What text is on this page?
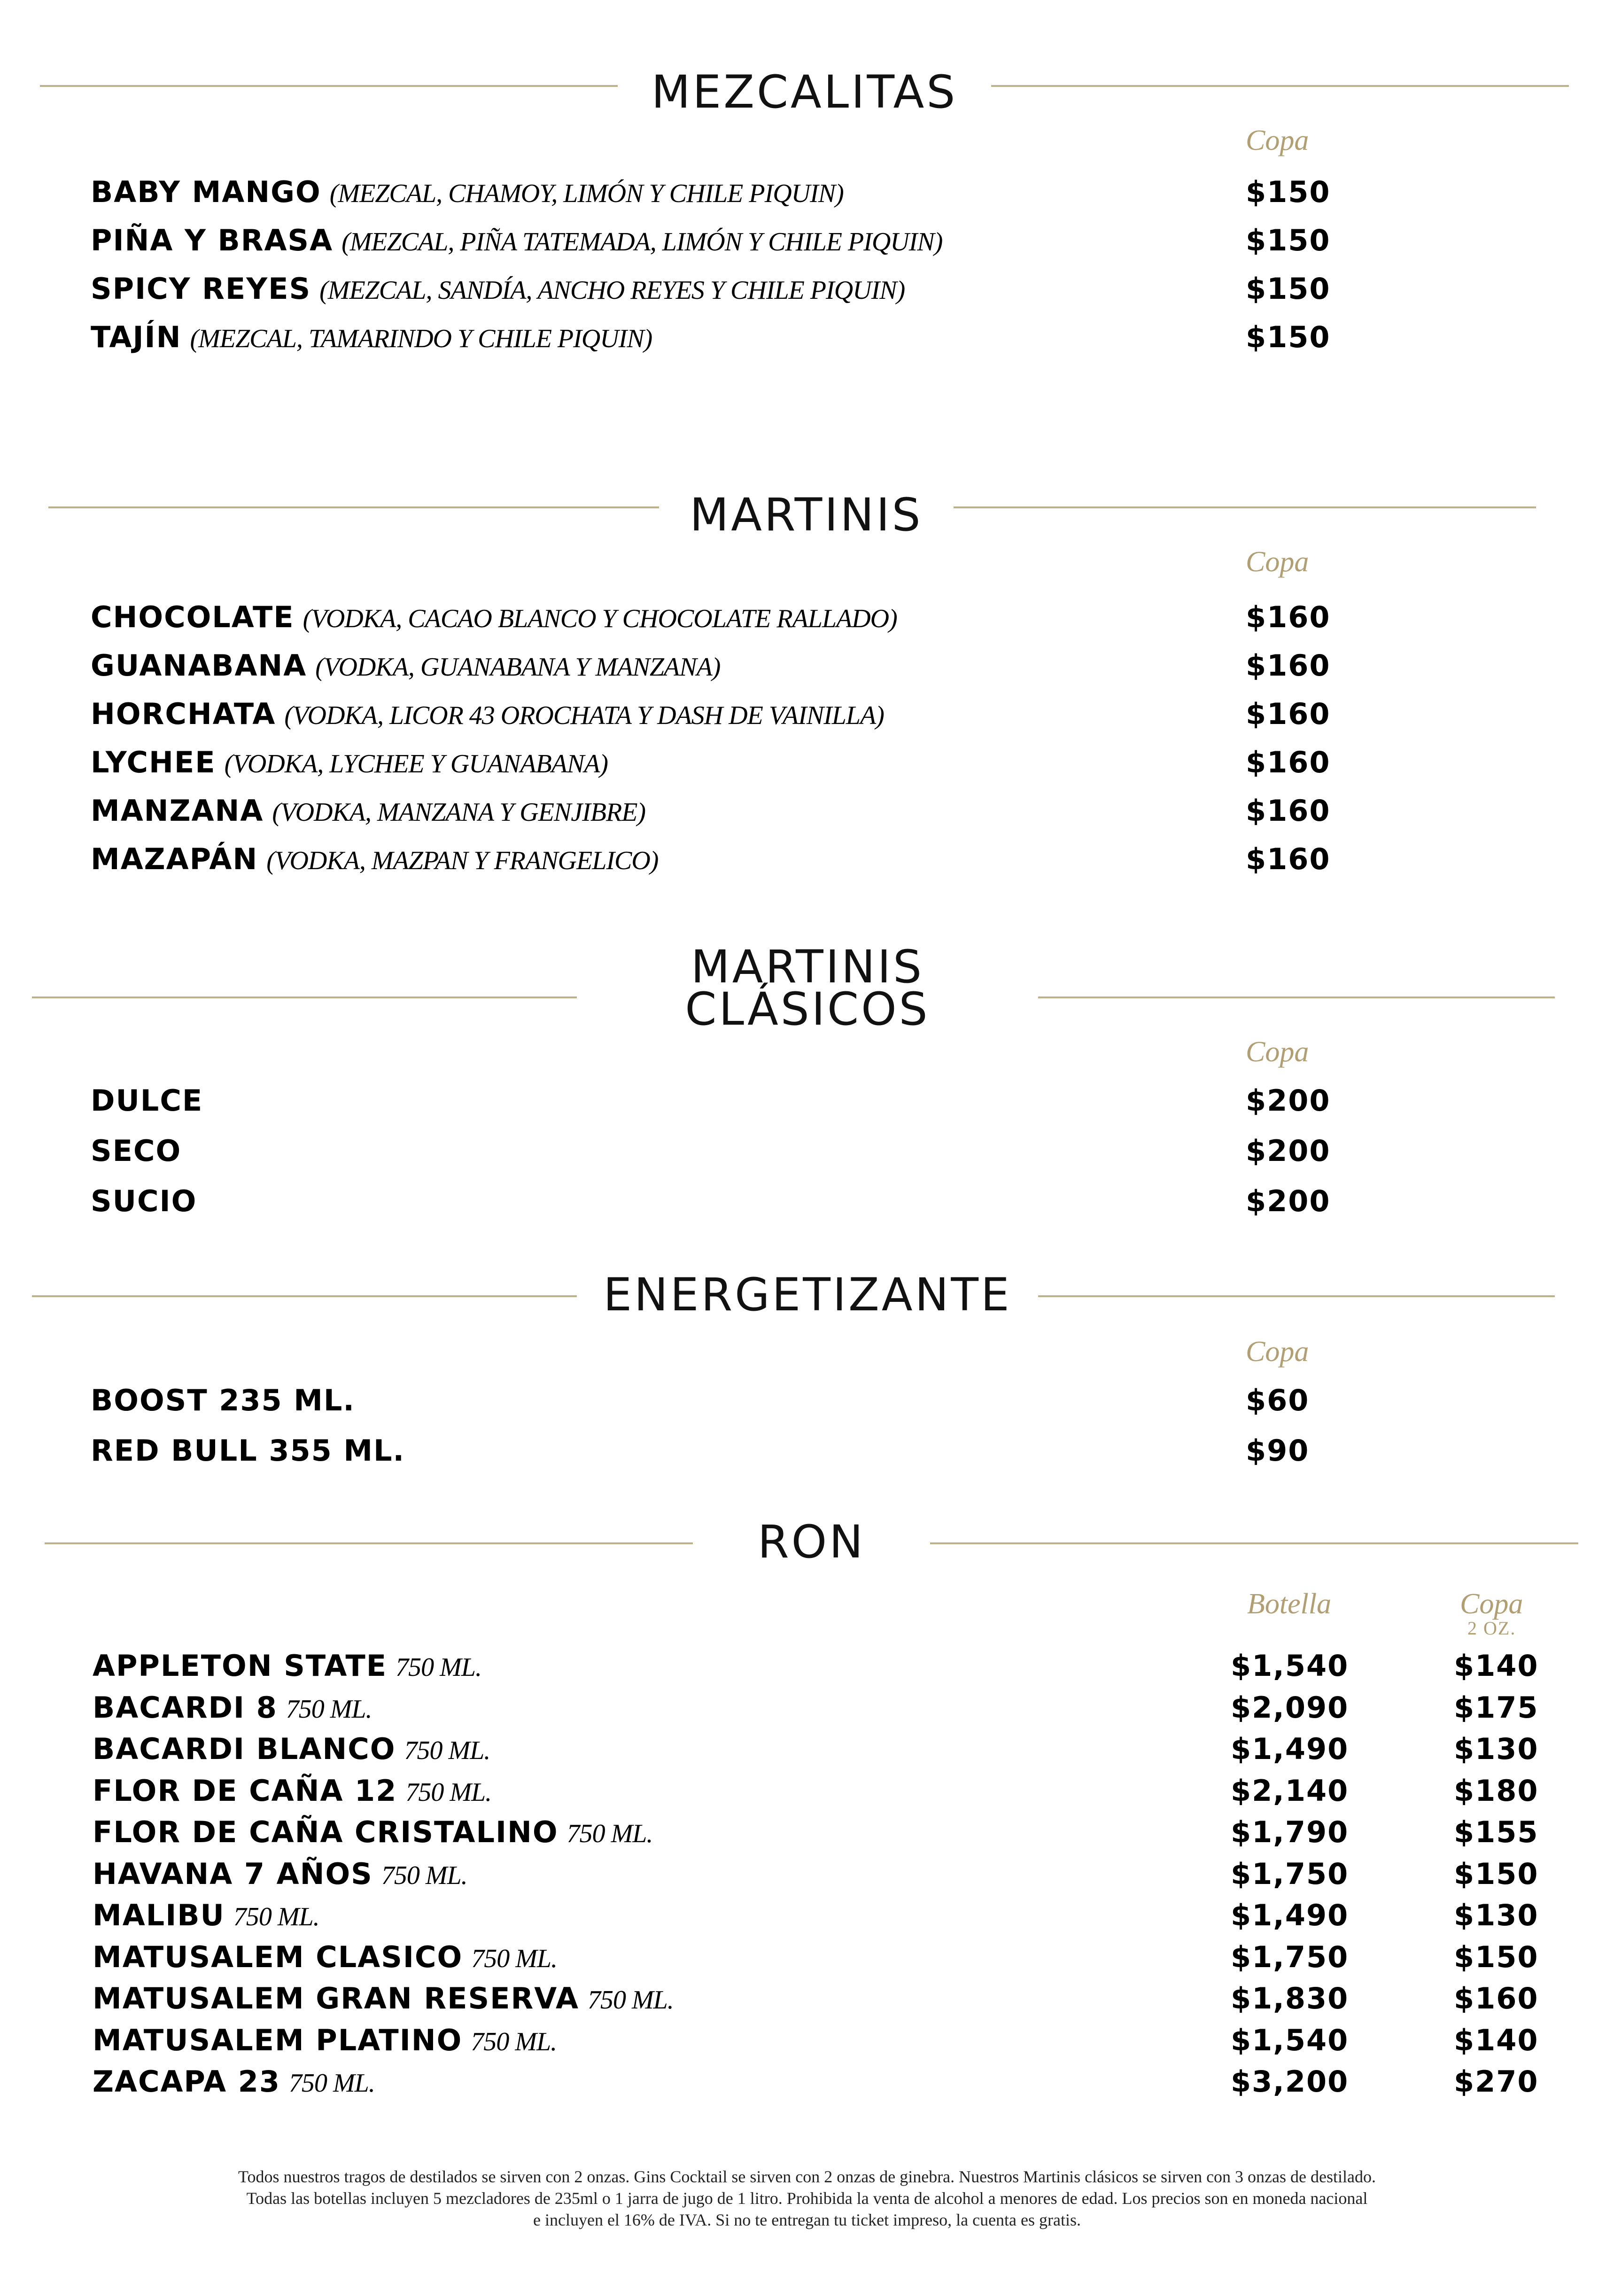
MEZCALITAS
Copa
BABY MANGO (MEZCAL, CHAMOY, LIMÓN Y CHILE PIQUIN)	$150
PIÑA Y BRASA (MEZCAL, PIÑA TATEMADA, LIMÓN Y CHILE PIQUIN)	$150
SPICY REYES (MEZCAL, SANDÍA, ANCHO REYES Y CHILE PIQUIN)	$150
TAJÍN (MEZCAL, TAMARINDO Y CHILE PIQUIN)	$150
MARTINIS
Copa
CHOCOLATE (VODKA, CACAO BLANCO Y CHOCOLATE RALLADO)	$160
GUANABANA (VODKA, GUANABANA Y MANZANA)	$160
HORCHATA (VODKA, LICOR 43 OROCHATA Y DASH DE VAINILLA)	$160
LYCHEE (VODKA, LYCHEE Y GUANABANA)	$160
MANZANA (VODKA, MANZANA Y GENJIBRE)	$160
MAZAPÁN (VODKA, MAZPAN Y FRANGELICO)	$160
MARTINIS
CLÁSICOS
Copa
DULCE	$200
SECO	$200
SUCIO	$200
ENERGETIZANTE
Copa
BOOST 235 ML.	$60
RED BULL 355 ML.	$90
RON
Botella	Copa
2 OZ.
APPLETON STATE 750 ML.	$1,540	$140
BACARDI 8 750 ML.	$2,090	$175
BACARDI BLANCO 750 ML.	$1,490	$130
FLOR DE CAÑA 12 750 ML.	$2,140	$180
FLOR DE CAÑA CRISTALINO 750 ML.	$1,790	$155
HAVANA 7 AÑOS 750 ML.	$1,750	$150
MALIBU 750 ML.	$1,490	$130
MATUSALEM CLASICO 750 ML.	$1,750	$150
MATUSALEM GRAN RESERVA 750 ML.	$1,830	$160
MATUSALEM PLATINO 750 ML.	$1,540	$140
ZACAPA 23 750 ML.	$3,200	$270
Todos nuestros tragos de destilados se sirven con 2 onzas. Gins Cocktail se sirven con 2 onzas de ginebra. Nuestros Martinis clásicos se sirven con 3 onzas de destilado.
Todas las botellas incluyen 5 mezcladores de 235ml o 1 jarra de jugo de 1 litro. Prohibida la venta de alcohol a menores de edad. Los precios son en moneda nacional
e incluyen el 16% de IVA. Si no te entregan tu ticket impreso, la cuenta es gratis.
